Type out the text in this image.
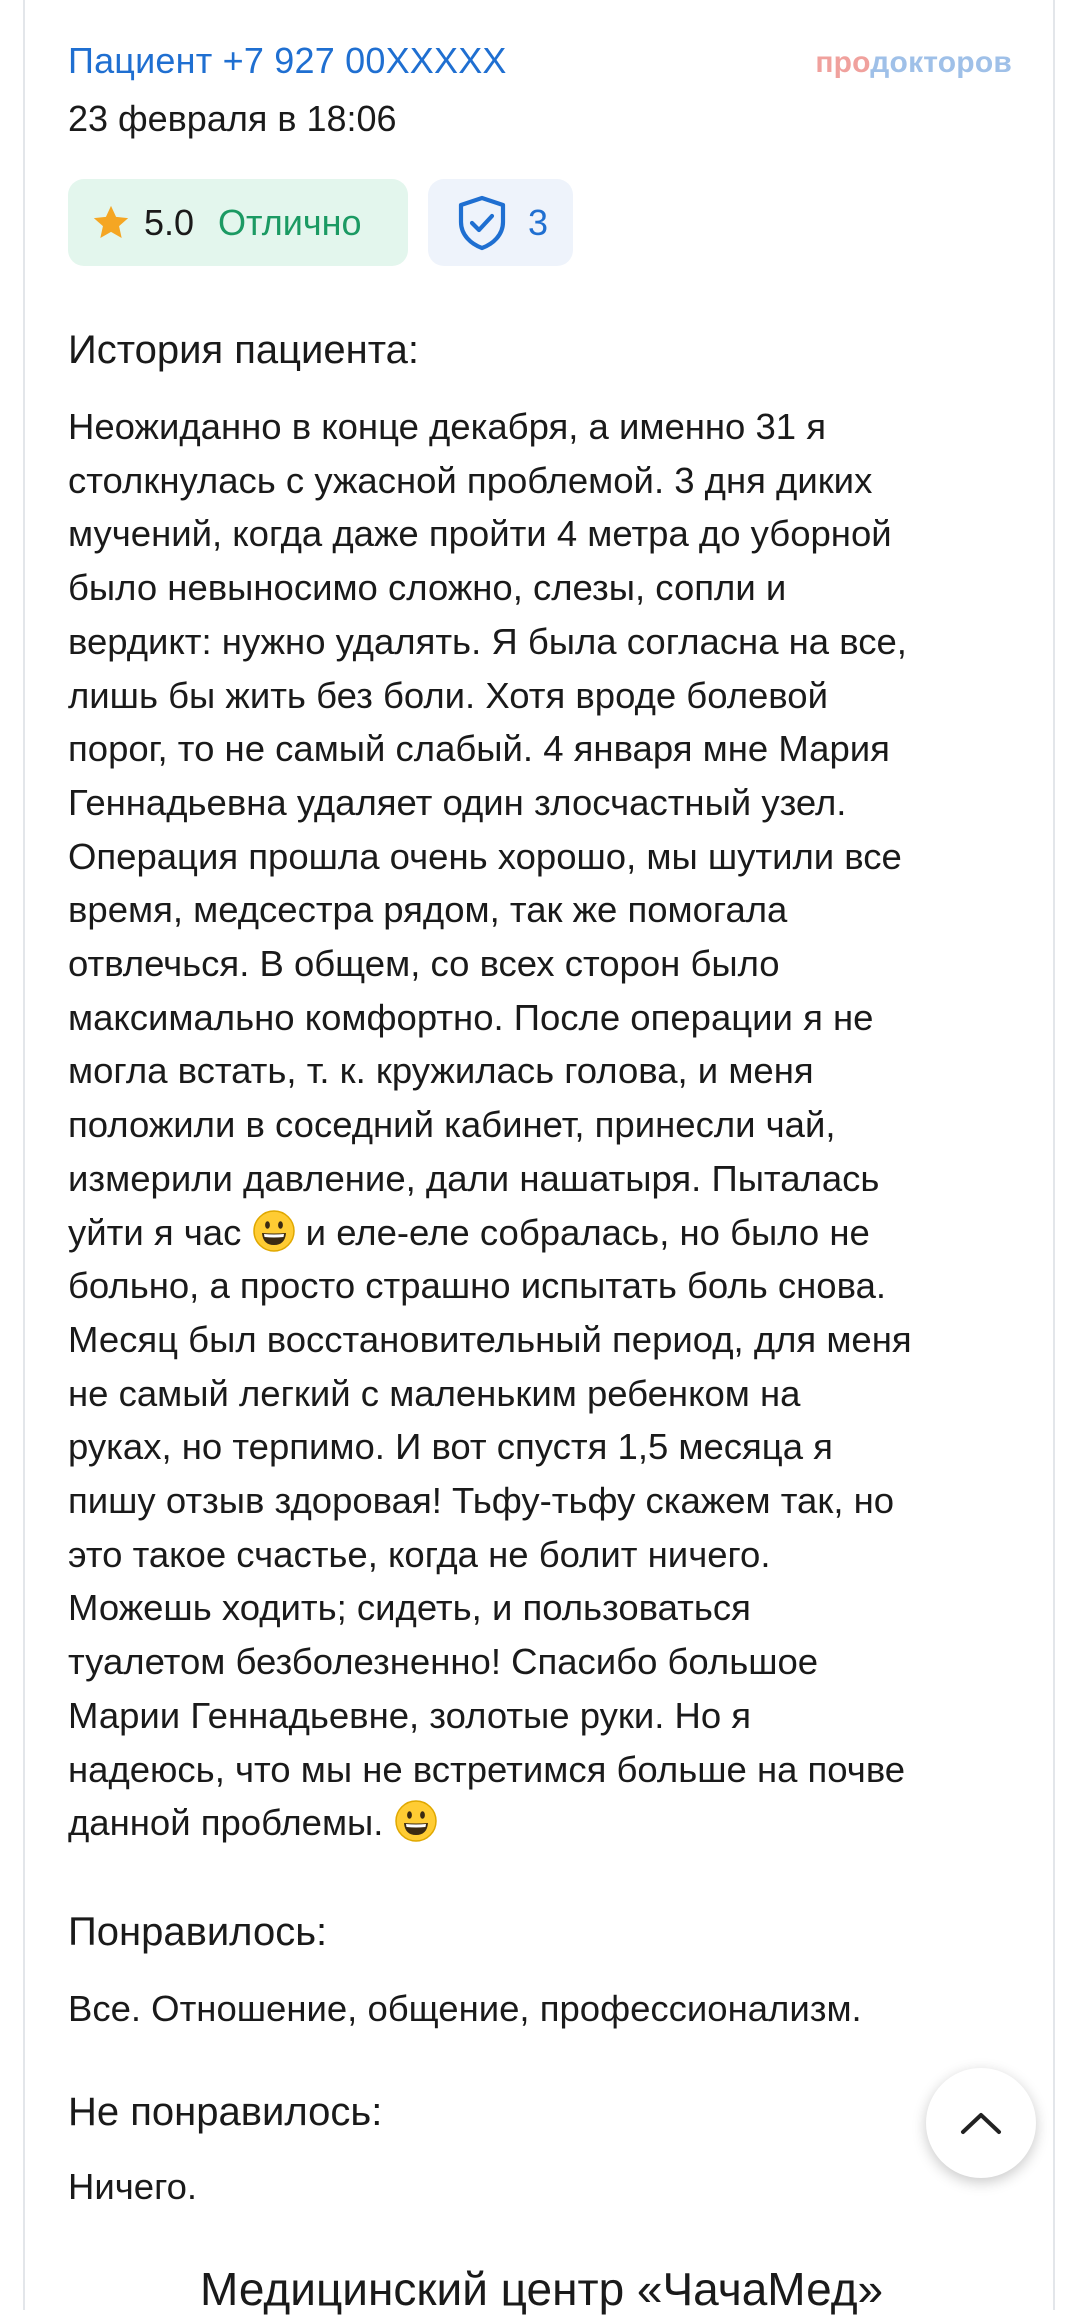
Пациент +7 927 00XXXXX
23 февраля в 18:06
продокторов
5.0 Отлично	3
История пациента:
Неожиданно в конце декабря, а именно 31 я
столкнулась с ужасной проблемой. 3 дня диких
мучений, когда даже пройти 4 метра до уборной
было невыносимо сложно, слезы, сопли и
вердикт: нужно удалять. Я была согласна на все,
лишь бы жить без боли. Хотя вроде болевой
порог, то не самый слабый. 4 января мне Мария
Геннадьевна удаляет один злосчастный узел.
Операция прошла очень хорошо, мы шутили все
время, медсестра рядом, так же помогала
отвлечься. В общем, со всех сторон было
максимально комфортно. После операции я не
могла встать, т. к. кружилась голова, и меня
положили в соседний кабинет, принесли чай,
измерили давление, дали нашатыря. Пыталась
уйти я час и еле-еле собралась, но было не
больно, а просто страшно испытать боль снова.
Месяц был восстановительный период, для меня
не самый легкий с маленьким ребенком на
руках, но терпимо. И вот спустя 1,5 месяца я
пишу отзыв здоровая! Тьфу-тьфу скажем так, но
это такое счастье, когда не болит ничего.
Можешь ходить; сидеть, и пользоваться
туалетом безболезненно! Спасибо большое
Марии Геннадьевне, золотые руки. Но я
надеюсь, что мы не встретимся больше на почве
данной проблемы.
Понравилось:
Все. Отношение, общение, профессионализм.
Не понравилось:
Ничего.
Медицинский центр «ЧачаМед»
